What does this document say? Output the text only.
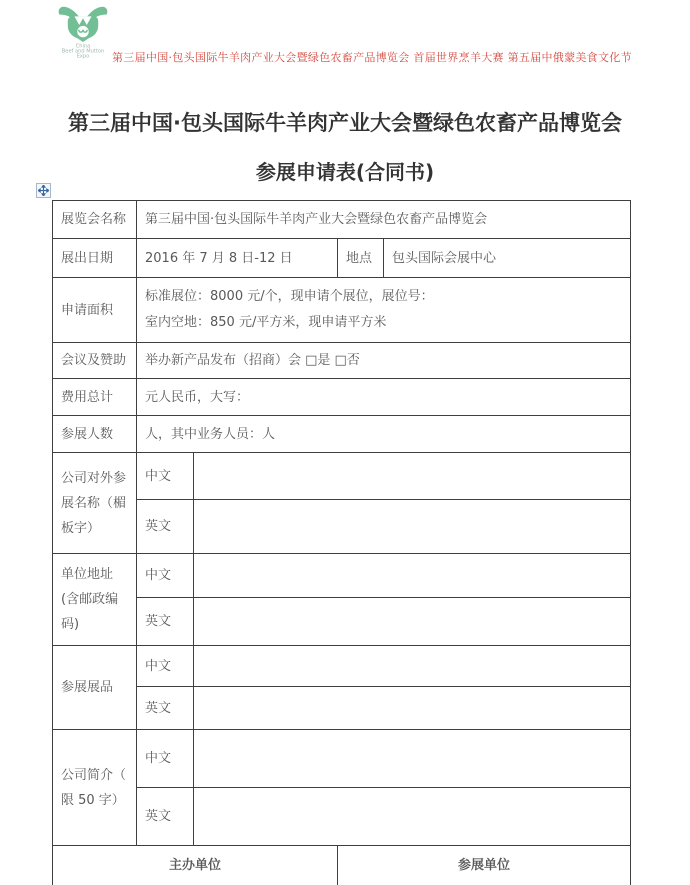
China
Beef and Mutton
Expo	第三届中国·包头国际牛羊肉产业大会暨绿色农畜产品博览会 首届世界烹羊大赛 第五届中俄蒙美食文化节
第三届中国·包头国际牛羊肉产业大会暨绿色农畜产品博览会
参展申请表(合同书)
展览会名称	第三届中国·包头国际牛羊肉产业大会暨绿色农畜产品博览会			
展出日期	2016 年 7 月 8 日-12 日		地点	包头国际会展中心
申请面积	标准展位：8000 元/个，现申请个展位，展位号：
室内空地：850 元/平方米，现申请平方米			

会议及赞助	举办新产品发布（招商）会 □是 □否			
费用总计	元人民币，大写：			
参展人数	人，其中业务人员：人			
公司对外参展名称（楣板字）	中文			
	英文			
单位地址 (含邮政编码)	中文			
	英文			
参展展品	中文			
	英文			
公司简介（ 限 50 字）	中文			
	英文			
主办单位			参展单位	
